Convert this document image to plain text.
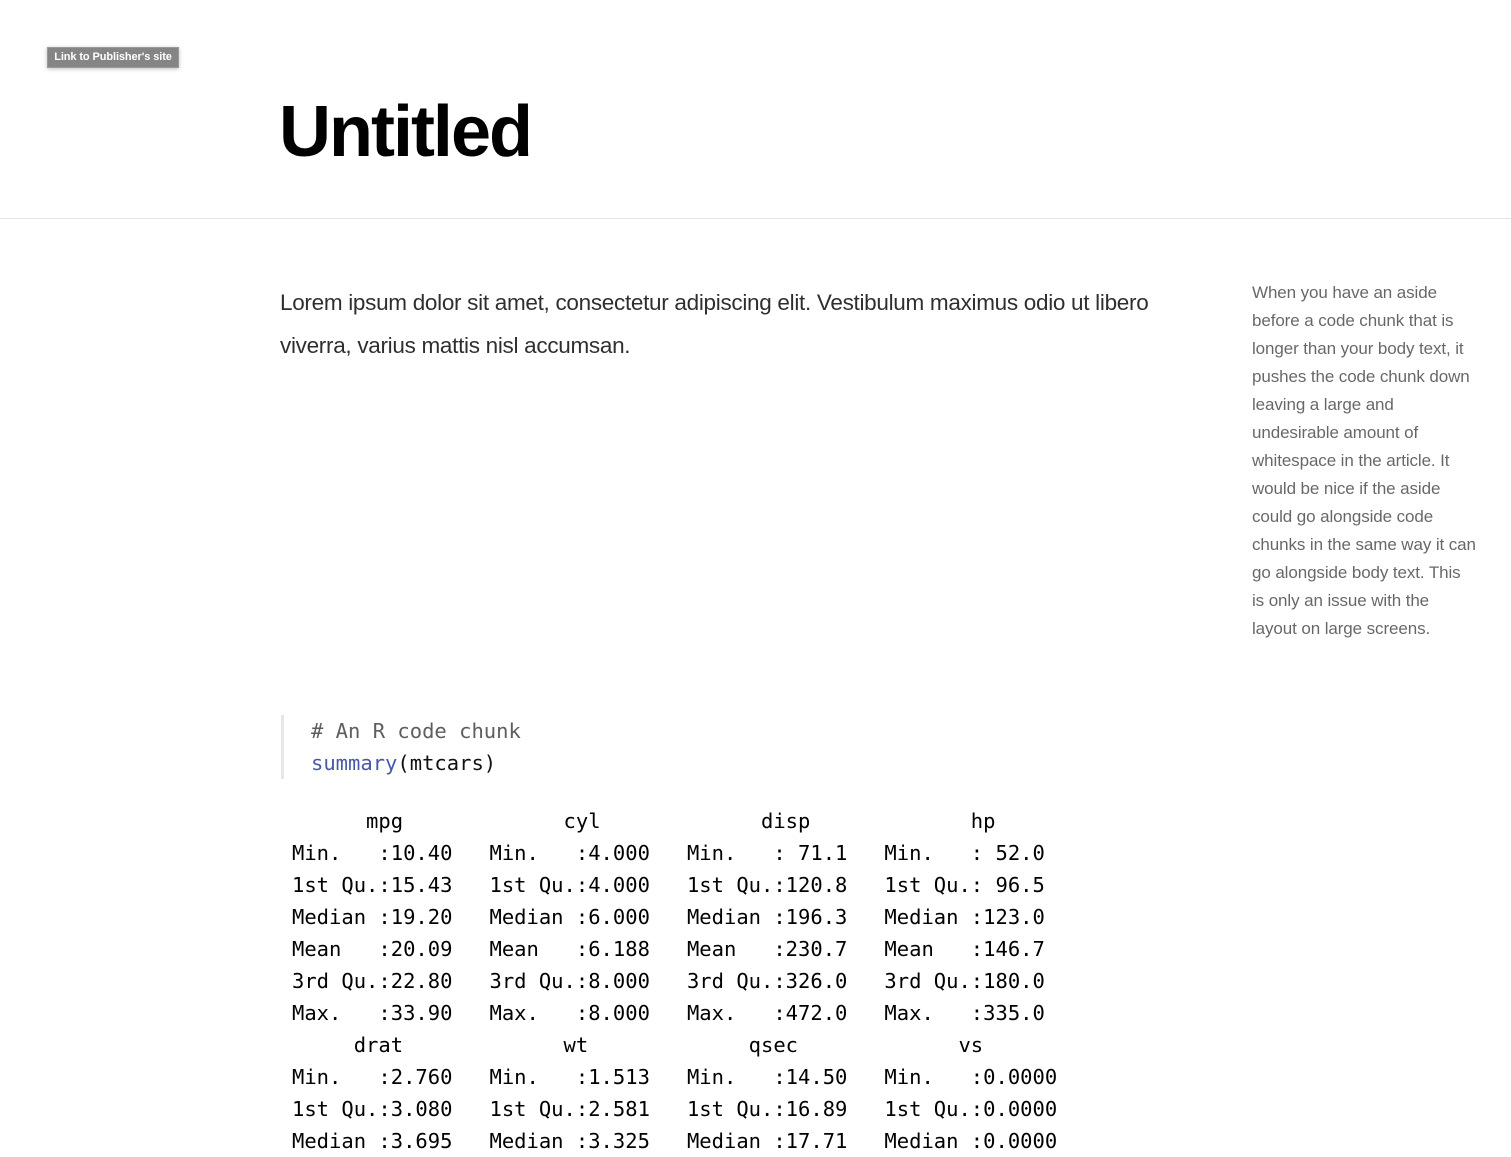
Link to Publisher's site
Untitled

Lorem ipsum dolor sit amet, consectetur adipiscing elit. Vestibulum maximus odio ut libero viverra, varius mattis nisl accumsan.

When you have an aside before a code chunk that is longer than your body text, it pushes the code chunk down leaving a large and undesirable amount of whitespace in the article. It would be nice if the aside could go alongside code chunks in the same way it can go alongside body text. This is only an issue with the layout on large screens.
# An R code chunk
summary(mtcars)
mpg             cyl             disp             hp
Min.   :10.40   Min.   :4.000   Min.   : 71.1   Min.   : 52.0
1st Qu.:15.43   1st Qu.:4.000   1st Qu.:120.8   1st Qu.: 96.5
Median :19.20   Median :6.000   Median :196.3   Median :123.0
Mean   :20.09   Mean   :6.188   Mean   :230.7   Mean   :146.7
3rd Qu.:22.80   3rd Qu.:8.000   3rd Qu.:326.0   3rd Qu.:180.0
Max.   :33.90   Max.   :8.000   Max.   :472.0   Max.   :335.0
drat             wt             qsec             vs
Min.   :2.760   Min.   :1.513   Min.   :14.50   Min.   :0.0000
1st Qu.:3.080   1st Qu.:2.581   1st Qu.:16.89   1st Qu.:0.0000
Median :3.695   Median :3.325   Median :17.71   Median :0.0000
